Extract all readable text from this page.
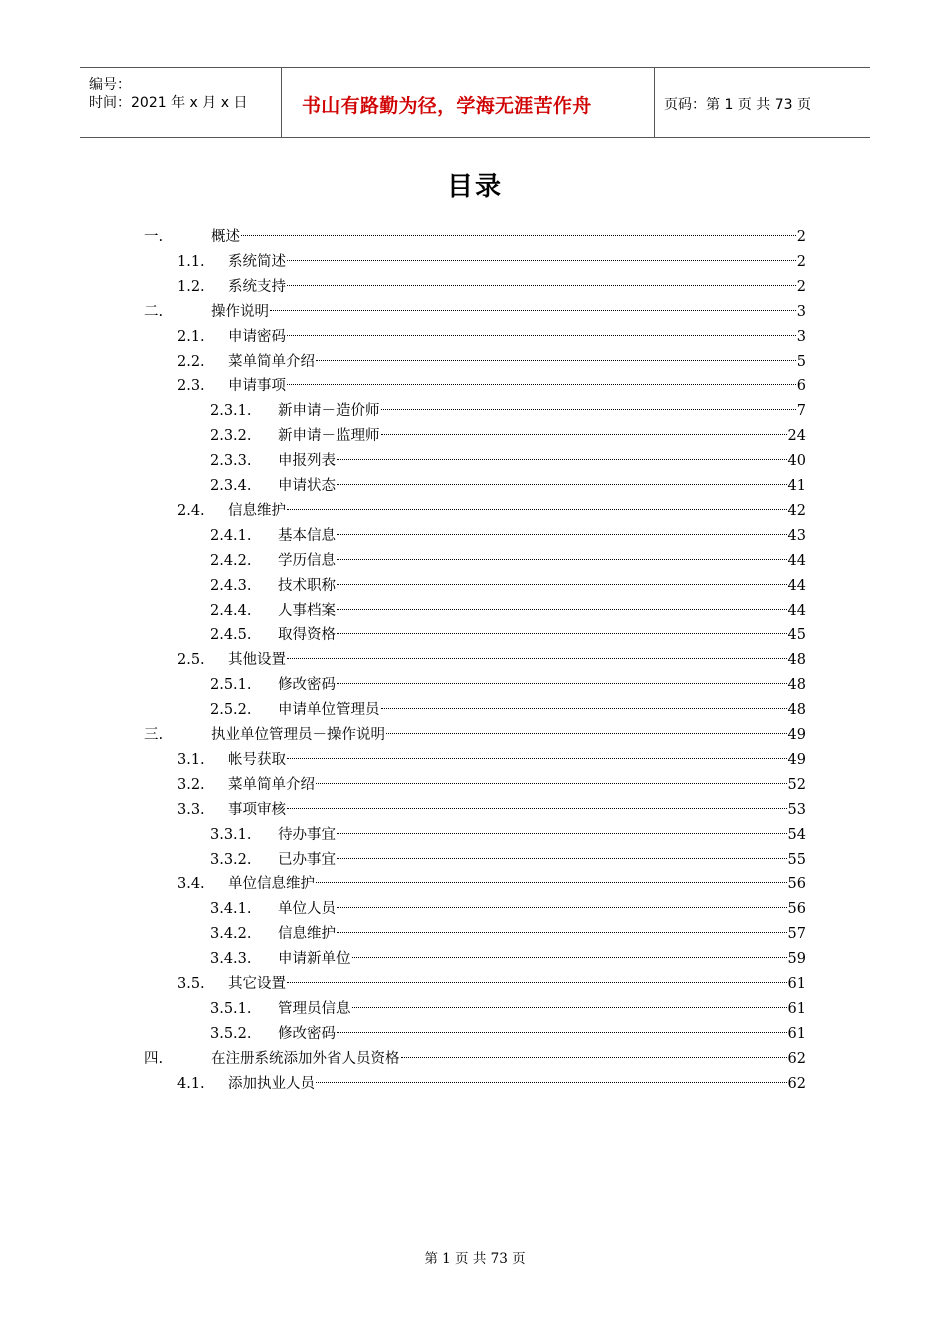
编号：
时间：2021 年 x 月 x 日	书山有路勤为径，学海无涯苦作舟	页码：第 1 页 共 73 页
目录
一.	概述	2
1.1. 系统简述	2
1.2. 系统支持	2
二.	操作说明	3
2.1. 申请密码	3
2.2. 菜单简单介绍	5
2.3. 申请事项	6
2.3.1. 新申请－造价师	7
2.3.2. 新申请－监理师	24
2.3.3. 申报列表	40
2.3.4. 申请状态	41
2.4. 信息维护	42
2.4.1. 基本信息	43
2.4.2. 学历信息	44
2.4.3. 技术职称	44
2.4.4. 人事档案	44
2.4.5. 取得资格	45
2.5. 其他设置	48
2.5.1. 修改密码	48
2.5.2. 申请单位管理员	48
三.	执业单位管理员－操作说明	49
3.1. 帐号获取	49
3.2. 菜单简单介绍	52
3.3. 事项审核	53
3.3.1. 待办事宜	54
3.3.2. 已办事宜	55
3.4. 单位信息维护	56
3.4.1. 单位人员	56
3.4.2. 信息维护	57
3.4.3. 申请新单位	59
3.5. 其它设置	61
3.5.1. 管理员信息	61
3.5.2. 修改密码	61
四.	在注册系统添加外省人员资格	62
4.1. 添加执业人员	62
第 1 页 共 73 页
